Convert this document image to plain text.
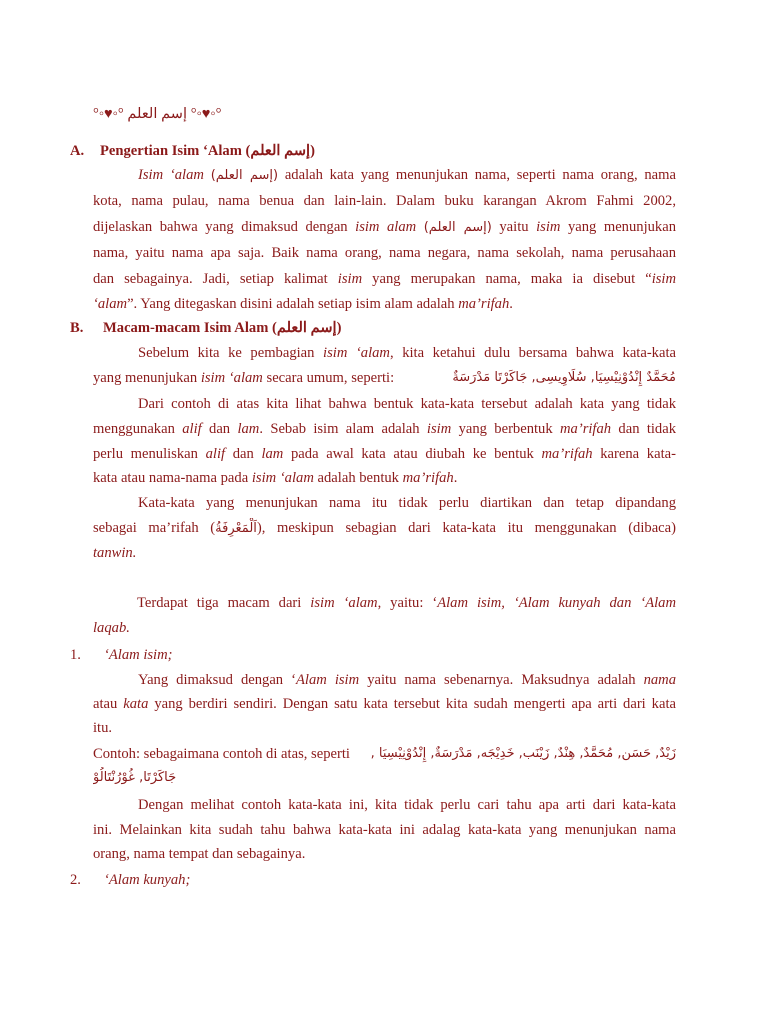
°◦♥◦° إسم العلم °◦♥◦°
A. Pengertian Isim ‘Alam (إسم العلم)
Isim ‘alam (إسم العلم) adalah kata yang menunjukan nama, seperti nama orang, nama
kota, nama pulau, nama benua dan lain-lain. Dalam buku karangan Akrom Fahmi 2002,
dijelaskan bahwa yang dimaksud dengan isim alam (إسم العلم) yaitu isim yang menunjukan
nama, yaitu nama apa saja. Baik nama orang, nama negara, nama sekolah, nama perusahaan
dan sebagainya. Jadi, setiap kalimat isim yang merupakan nama, maka ia disebut “isim
‘alam”. Yang ditegaskan disini adalah setiap isim alam adalah ma’rifah.
B. Macam-macam Isim Alam (إسم العلم)
Sebelum kita ke pembagian isim ‘alam, kita ketahui dulu bersama bahwa kata-kata
yang menunjukan isim ‘alam secara umum, seperti:	مُحَمَّدٌ إِنْدُوْنِيْسِيَا, سُلَاوِيسِى, جَاكَرْتَا مَدْرَسَةٌ
Dari contoh di atas kita lihat bahwa bentuk kata-kata tersebut adalah kata yang tidak
menggunakan alif dan lam. Sebab isim alam adalah isim yang berbentuk ma’rifah dan tidak
perlu menuliskan alif dan lam pada awal kata atau diubah ke bentuk ma’rifah karena kata-
kata atau nama-nama pada isim ‘alam adalah bentuk ma’rifah.
Kata-kata yang menunjukan nama itu tidak perlu diartikan dan tetap dipandang
sebagai ma’rifah (اَلْمَعْرِفَةُ), meskipun sebagian dari kata-kata itu menggunakan (dibaca)
tanwin.
Terdapat tiga macam dari isim ‘alam, yaitu: ‘Alam isim, ‘Alam kunyah dan ‘Alam
laqab.
1. ‘Alam isim;
Yang dimaksud dengan ‘Alam isim yaitu nama sebenarnya. Maksudnya adalah nama
atau kata yang berdiri sendiri. Dengan satu kata tersebut kita sudah mengerti apa arti dari kata
itu.
Contoh: sebagaimana contoh di atas, seperti زَيْدٌ, حَسَن, مُحَمَّدٌ, هِنْدٌ, زَيْنَب, خَدِيْجَه, مَدْرَسَةٌ, إِنْدُوْنِيْسِيَا ,
جَاكَرْتَا, غُوْرُنْتَالُوْ
Dengan melihat contoh kata-kata ini, kita tidak perlu cari tahu apa arti dari kata-kata
ini. Melainkan kita sudah tahu bahwa kata-kata ini adalag kata-kata yang menunjukan nama
orang, nama tempat dan sebagainya.
2. ‘Alam kunyah;
